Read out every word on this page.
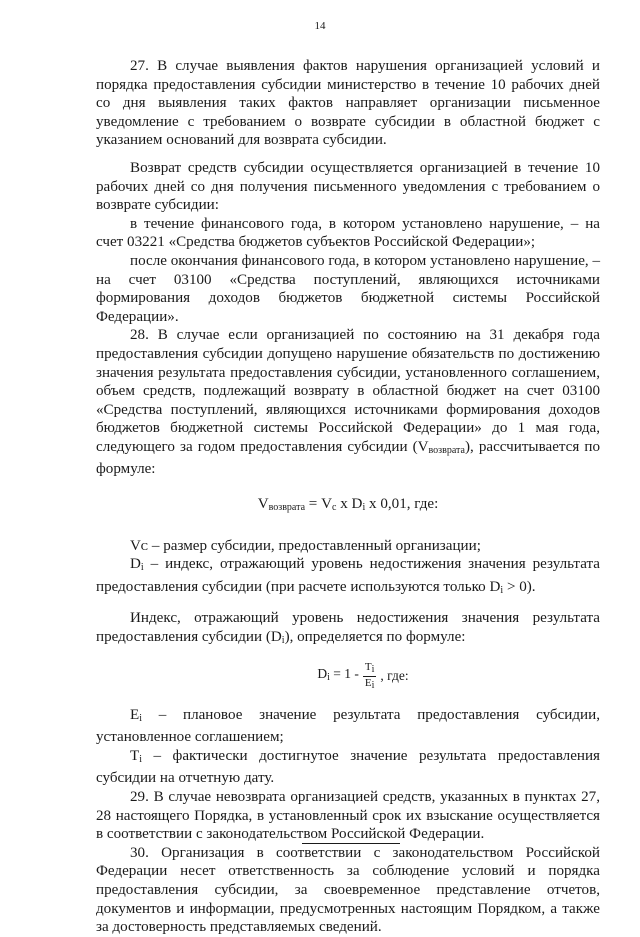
14

27. В случае выявления фактов нарушения организацией условий и порядка предоставления субсидии министерство в течение 10 рабочих дней со дня выявления таких фактов направляет организации письменное уведомление с требованием о возврате субсидии в областной бюджет с указанием оснований для возврата субсидии.

Возврат средств субсидии осуществляется организацией в течение 10 рабочих дней со дня получения письменного уведомления с требованием о возврате субсидии:

в течение финансового года, в котором установлено нарушение, – на счет 03221 «Средства бюджетов субъектов Российской Федерации»;

после окончания финансового года, в котором установлено нарушение, – на счет 03100 «Средства поступлений, являющихся источниками формирования доходов бюджетов бюджетной системы Российской Федерации».

28. В случае если организацией по состоянию на 31 декабря года предоставления субсидии допущено нарушение обязательств по достижению значения результата предоставления субсидии, установленного соглашением, объем средств, подлежащий возврату в областной бюджет на счет 03100 «Средства поступлений, являющихся источниками формирования доходов бюджетов бюджетной системы Российской Федерации» до 1 мая года, следующего за годом предоставления субсидии $(V_{возврата})$, рассчитывается по формуле:

$V_{возврата} = V_c$ x $D_i$ x 0,01, где:

Vᴄ – размер субсидии, предоставленный организации;

$D_i$ – индекс, отражающий уровень недостижения значения результата предоставления субсидии (при расчете используются только $D_i > 0$).

Индекс, отражающий уровень недостижения значения результата предоставления субсидии $(D_i)$, определяется по формуле:

$D_i = 1 - \frac{T_i}{E_i}$ , где:

$E_i$ – плановое значение результата предоставления субсидии, установленное соглашением;

$T_i$ – фактически достигнутое значение результата предоставления субсидии на отчетную дату.

29. В случае невозврата организацией средств, указанных в пунктах 27, 28 настоящего Порядка, в установленный срок их взыскание осуществляется в соответствии с законодательством Российской Федерации.

30. Организация в соответствии с законодательством Российской Федерации несет ответственность за соблюдение условий и порядка предоставления субсидии, за своевременное представление отчетов, документов и информации, предусмотренных настоящим Порядком, а также за достоверность представляемых сведений.
